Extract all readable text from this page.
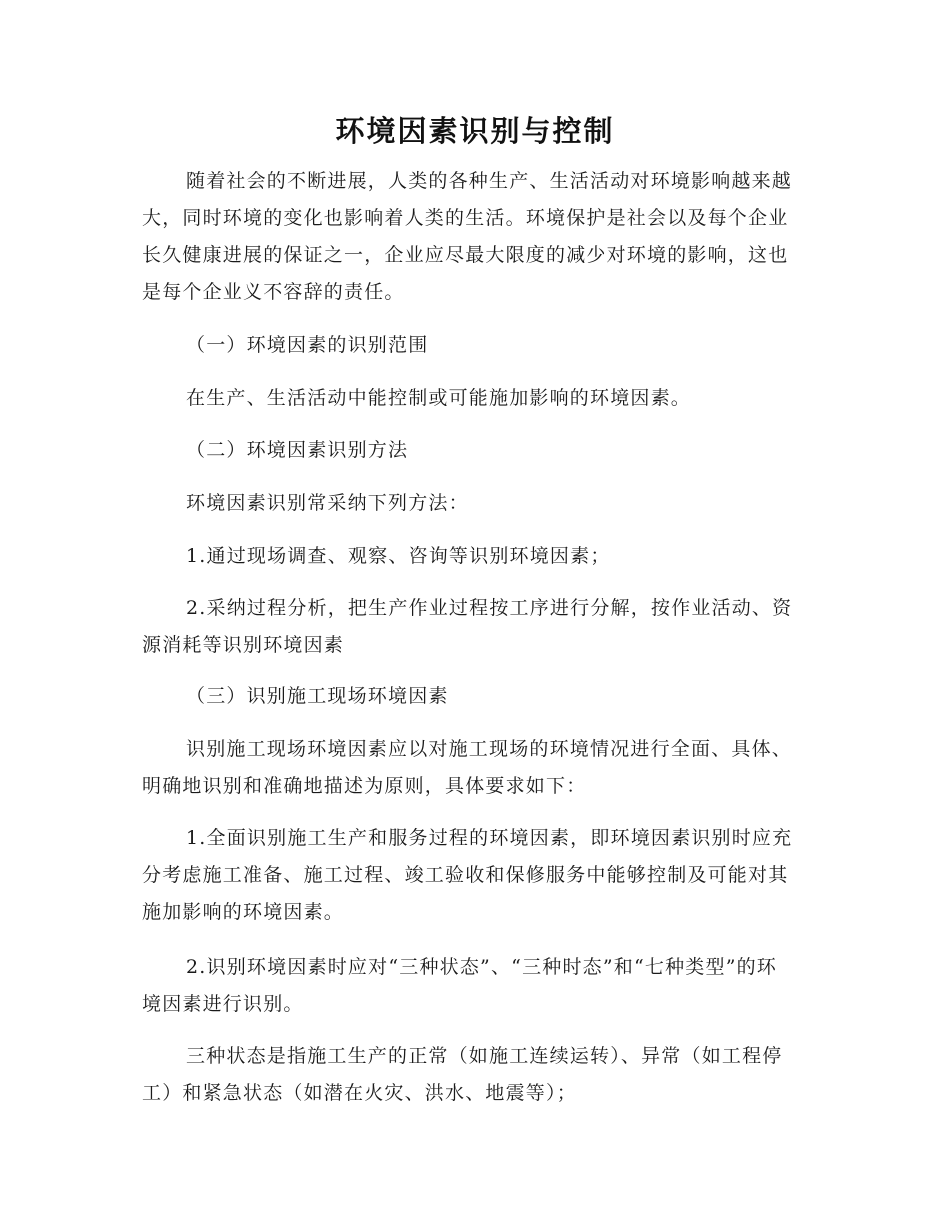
环境因素识别与控制

随着社会的不断进展，人类的各种生产、生活活动对环境影响越来越大，同时环境的变化也影响着人类的生活。环境保护是社会以及每个企业长久健康进展的保证之一，企业应尽最大限度的减少对环境的影响，这也是每个企业义不容辞的责任。

（一）环境因素的识别范围

在生产、生活活动中能控制或可能施加影响的环境因素。

（二）环境因素识别方法

环境因素识别常采纳下列方法：

1.通过现场调查、观察、咨询等识别环境因素；

2.采纳过程分析，把生产作业过程按工序进行分解，按作业活动、资源消耗等识别环境因素

（三）识别施工现场环境因素

识别施工现场环境因素应以对施工现场的环境情况进行全面、具体、明确地识别和准确地描述为原则，具体要求如下：

1.全面识别施工生产和服务过程的环境因素，即环境因素识别时应充分考虑施工准备、施工过程、竣工验收和保修服务中能够控制及可能对其施加影响的环境因素。

2.识别环境因素时应对“三种状态”、“三种时态”和“七种类型”的环境因素进行识别。

三种状态是指施工生产的正常（如施工连续运转）、异常（如工程停工）和紧急状态（如潜在火灾、洪水、地震等）；
